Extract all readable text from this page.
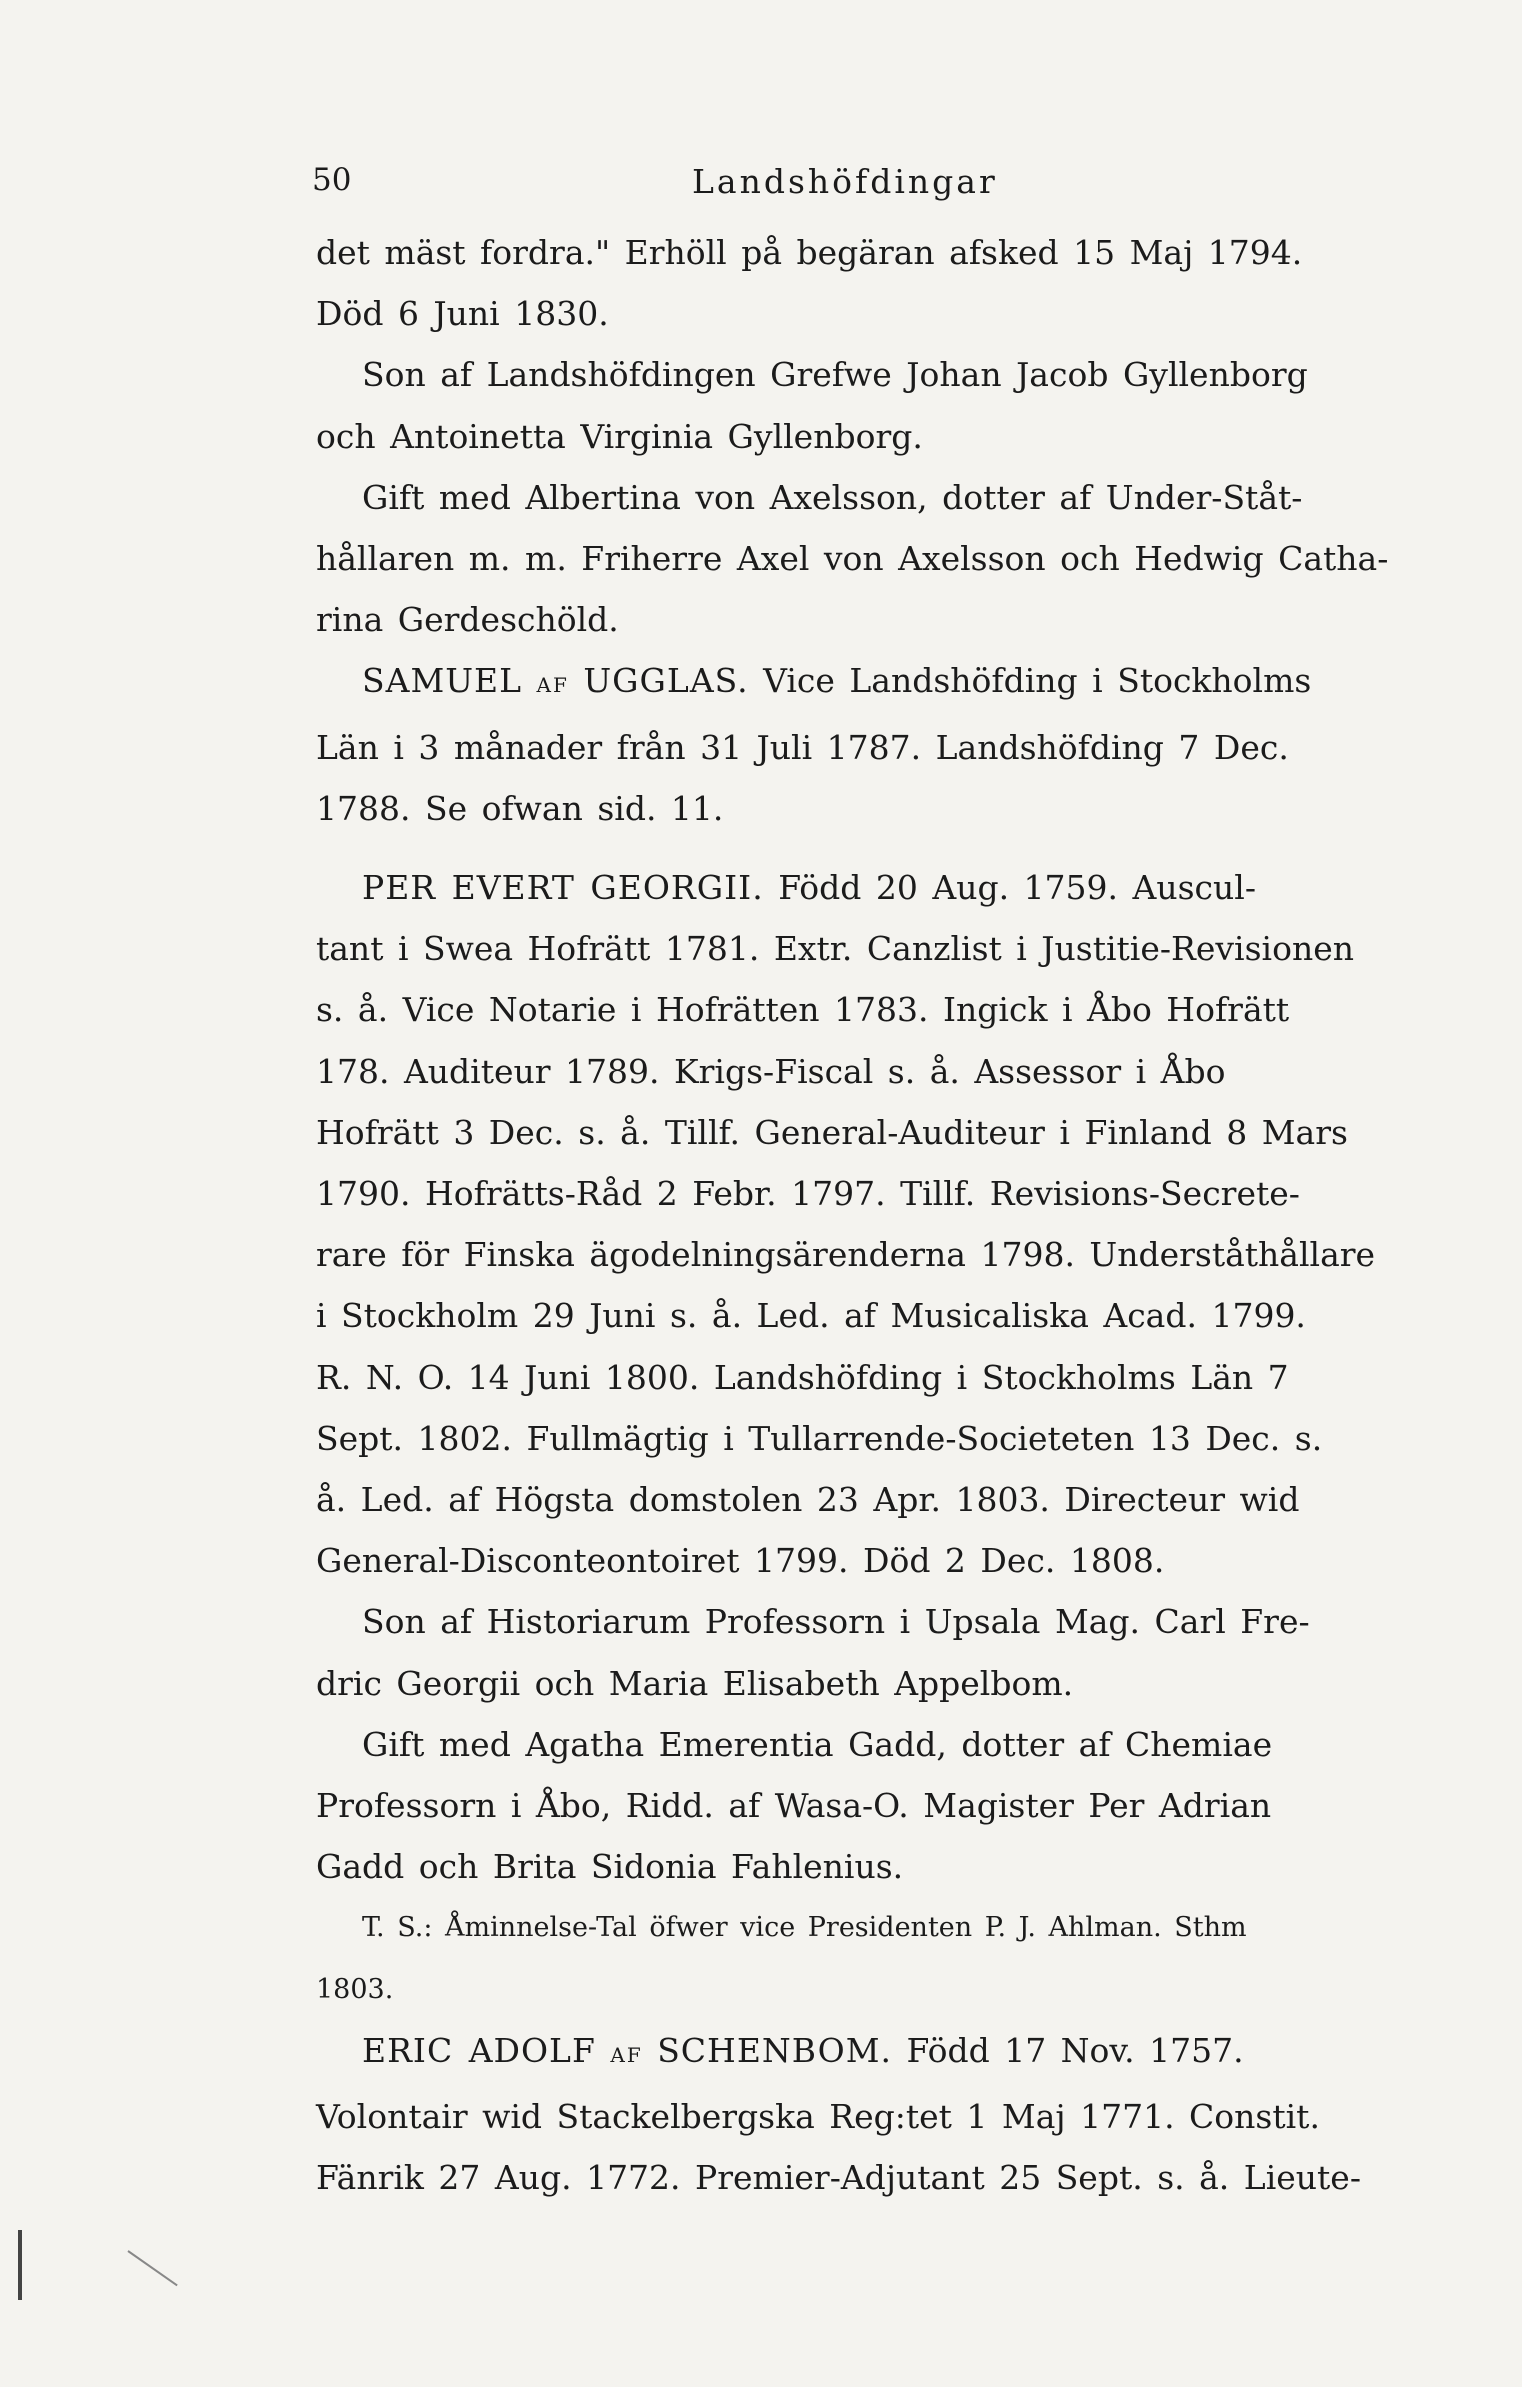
50	Landshöfdingar

det mäst fordra." Erhöll på begäran afsked 15 Maj 1794.

Död 6 Juni 1830.

Son af Landshöfdingen Grefwe Johan Jacob Gyllenborg

och Antoinetta Virginia Gyllenborg.

Gift med Albertina von Axelsson, dotter af Under-Ståt-

hållaren m. m. Friherre Axel von Axelsson och Hedwig Catha-

rina Gerdeschöld.

SAMUEL AF UGGLAS. Vice Landshöfding i Stockholms

Län i 3 månader från 31 Juli 1787. Landshöfding 7 Dec.

1788. Se ofwan sid. 11.

PER EVERT GEORGII. Född 20 Aug. 1759. Auscul-

tant i Swea Hofrätt 1781. Extr. Canzlist i Justitie-Revisionen

s. å. Vice Notarie i Hofrätten 1783. Ingick i Åbo Hofrätt

178. Auditeur 1789. Krigs-Fiscal s. å. Assessor i Åbo

Hofrätt 3 Dec. s. å. Tillf. General-Auditeur i Finland 8 Mars

1790. Hofrätts-Råd 2 Febr. 1797. Tillf. Revisions-Secrete-

rare för Finska ägodelningsärenderna 1798. Underståthållare

i Stockholm 29 Juni s. å. Led. af Musicaliska Acad. 1799.

R. N. O. 14 Juni 1800. Landshöfding i Stockholms Län 7

Sept. 1802. Fullmägtig i Tullarrende-Societeten 13 Dec. s.

å. Led. af Högsta domstolen 23 Apr. 1803. Directeur wid

General-Disconteontoiret 1799. Död 2 Dec. 1808.

Son af Historiarum Professorn i Upsala Mag. Carl Fre-

dric Georgii och Maria Elisabeth Appelbom.

Gift med Agatha Emerentia Gadd, dotter af Chemiae

Professorn i Åbo, Ridd. af Wasa-O. Magister Per Adrian

Gadd och Brita Sidonia Fahlenius.

T. S.: Åminnelse-Tal öfwer vice Presidenten P. J. Ahlman. Sthm

1803.

ERIC ADOLF AF SCHENBOM. Född 17 Nov. 1757.

Volontair wid Stackelbergska Reg:tet 1 Maj 1771. Constit.

Fänrik 27 Aug. 1772. Premier-Adjutant 25 Sept. s. å. Lieute-
